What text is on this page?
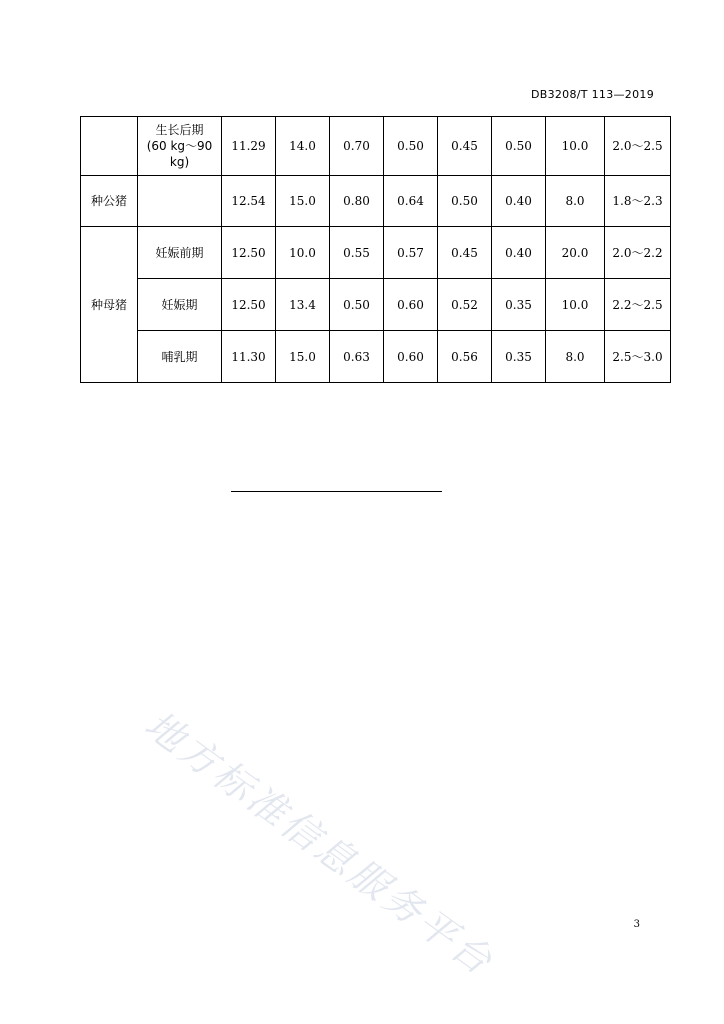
DB3208/T 113—2019

	生长后期
(60 kg～90
kg)	11.29	14.0	0.70	0.50	0.45	0.50	10.0	2.0～2.5
种公猪		12.54	15.0	0.80	0.64	0.50	0.40	8.0	1.8～2.3
种母猪	妊娠前期	12.50	10.0	0.55	0.57	0.45	0.40	20.0	2.0～2.2
	妊娠期	12.50	13.4	0.50	0.60	0.52	0.35	10.0	2.2～2.5
	哺乳期	11.30	15.0	0.63	0.60	0.56	0.35	8.0	2.5～3.0
地方标准信息服务平台	3
